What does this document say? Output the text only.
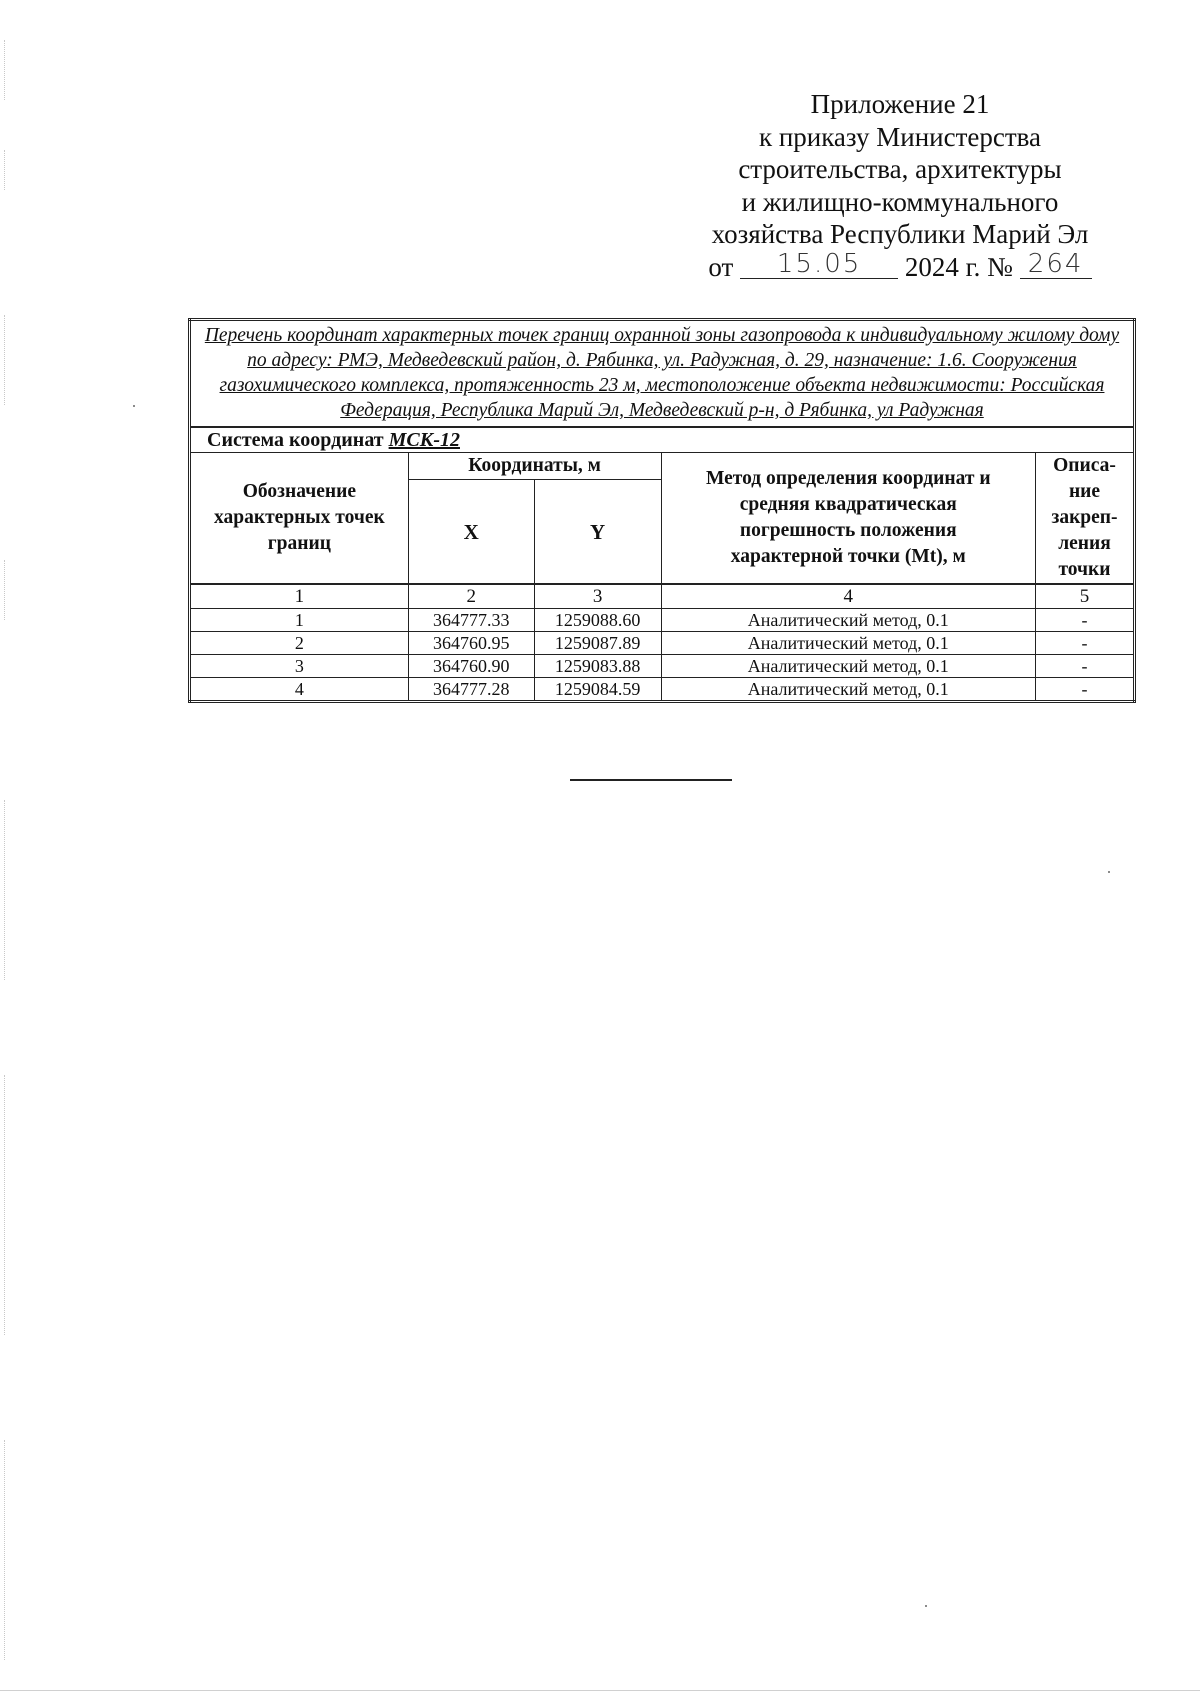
Приложение 21
к приказу Министерства
строительства, архитектуры
и жилищно-коммунального
хозяйства Республики Марий Эл
от 15.05 2024 г. № 264
Перечень координат характерных точек границ охранной зоны газопровода к индивидуальному жилому дому по адресу: РМЭ, Медведевский район, д. Рябинка, ул. Радужная, д. 29, назначение: 1.6. Сооружения газохимического комплекса, протяженность 23 м, местоположение объекта недвижимости: Российская Федерация, Республика Марий Эл, Медведевский р-н, д Рябинка, ул Радужная				
Система координат МСК-12				
Обозначение характерных точек границ	Координаты, м		Метод определения координат и средняя квадратическая погрешность положения характерной точки (Mt), м	Описа-ние закреп-ления точки
	X	Y		
1	2	3	4	5
1	364777.33	1259088.60	Аналитический метод, 0.1	-
2	364760.95	1259087.89	Аналитический метод, 0.1	-
3	364760.90	1259083.88	Аналитический метод, 0.1	-
4	364777.28	1259084.59	Аналитический метод, 0.1	-
